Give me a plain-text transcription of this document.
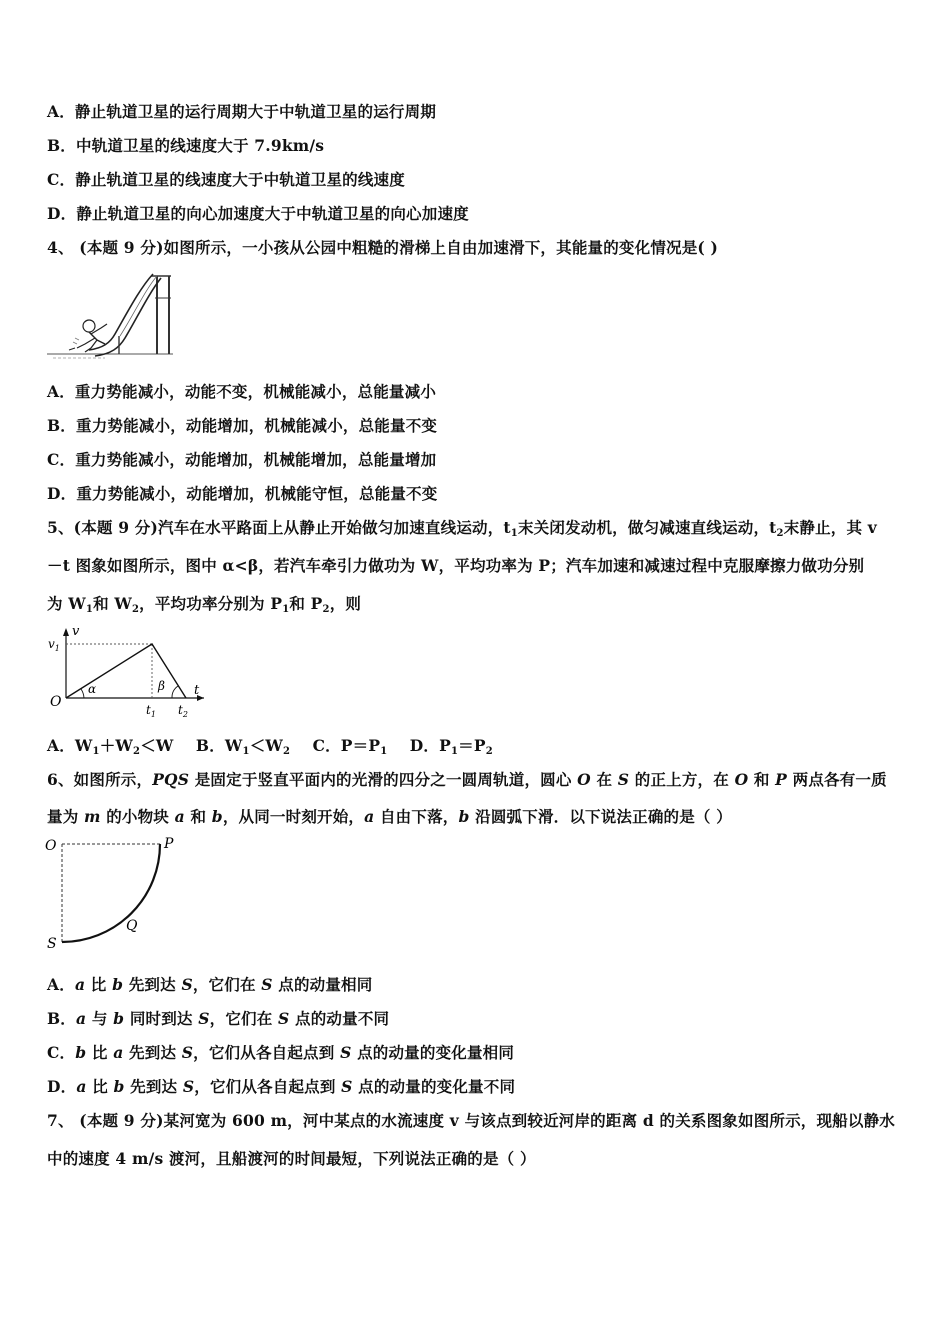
A．静止轨道卫星的运行周期大于中轨道卫星的运行周期
B．中轨道卫星的线速度大于 7.9km/s
C．静止轨道卫星的线速度大于中轨道卫星的线速度
D．静止轨道卫星的向心加速度大于中轨道卫星的向心加速度
4、 (本题 9 分)如图所示，一小孩从公园中粗糙的滑梯上自由加速滑下，其能量的变化情况是( )
A．重力势能减小，动能不变，机械能减小，总能量减小
B．重力势能减小，动能增加，机械能减小，总能量不变
C．重力势能减小，动能增加，机械能增加，总能量增加
D．重力势能减小，动能增加，机械能守恒，总能量不变
5、(本题 9 分)汽车在水平路面上从静止开始做匀加速直线运动，$t_1$末关闭发动机，做匀减速直线运动，$t_2$末静止，其 v
－t 图象如图所示，图中 α<β，若汽车牵引力做功为 W，平均功率为 P；汽车加速和减速过程中克服摩擦力做功分别
为 $W_1$和 $W_2$，平均功率分别为 $P_1$和 $P_2$，则
v
$v_1$
O
α	β t
$t_1$ $t_2$
A．$W_1+W_2<W$ B．$W_1<W_2$ C．$P=P_1$ D．$P_1=P_2$
6、如图所示，PQS 是固定于竖直平面内的光滑的四分之一圆周轨道，圆心 O 在 S 的正上方，在 O 和 P 两点各有一质
量为 m 的小物块 a 和 b，从同一时刻开始，a 自由下落，b 沿圆弧下滑．以下说法正确的是（ ）
O	P
Q
S
A．a 比 b 先到达 S，它们在 S 点的动量相同
B．a 与 b 同时到达 S，它们在 S 点的动量不同
C．b 比 a 先到达 S，它们从各自起点到 S 点的动量的变化量相同
D．a 比 b 先到达 S，它们从各自起点到 S 点的动量的变化量不同
7、 (本题 9 分)某河宽为 600 m，河中某点的水流速度 v 与该点到较近河岸的距离 d 的关系图象如图所示，现船以静水
中的速度 4 m/s 渡河，且船渡河的时间最短，下列说法正确的是（ ）
